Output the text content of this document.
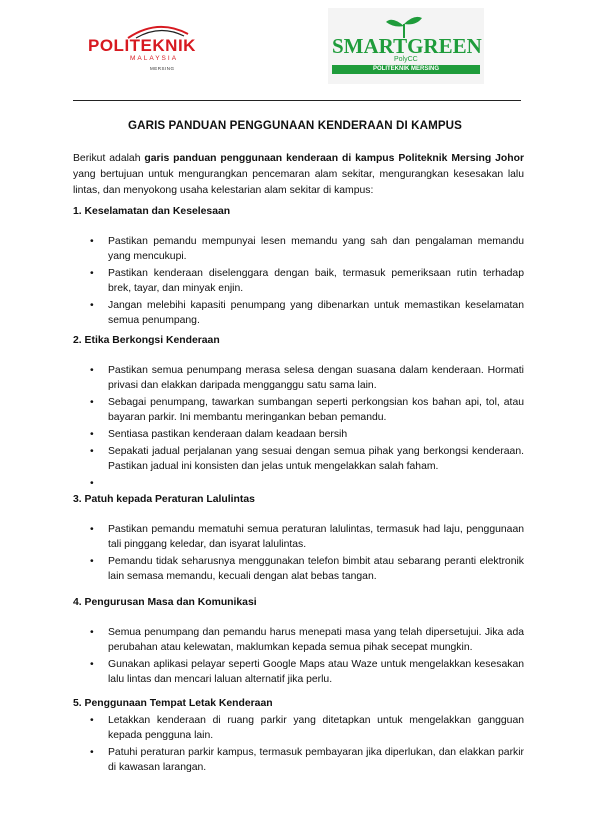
POLITEKNIK
MALAYSIA
MERSING
SMARTGREEN
PolyCC
POLITEKNIK MERSING
GARIS PANDUAN PENGGUNAAN KENDERAAN DI KAMPUS

Berikut adalah garis panduan penggunaan kenderaan di kampus Politeknik Mersing Johor yang bertujuan untuk mengurangkan pencemaran alam sekitar, mengurangkan kesesakan lalu lintas, dan menyokong usaha kelestarian alam sekitar di kampus:

1. Keselamatan dan Keselesaan
• Pastikan pemandu mempunyai lesen memandu yang sah dan pengalaman memandu yang mencukupi.
• Pastikan kenderaan diselenggara dengan baik, termasuk pemeriksaan rutin terhadap brek, tayar, dan minyak enjin.
• Jangan melebihi kapasiti penumpang yang dibenarkan untuk memastikan keselamatan semua penumpang.
2. Etika Berkongsi Kenderaan
• Pastikan semua penumpang merasa selesa dengan suasana dalam kenderaan. Hormati privasi dan elakkan daripada mengganggu satu sama lain.
• Sebagai penumpang, tawarkan sumbangan seperti perkongsian kos bahan api, tol, atau bayaran parkir. Ini membantu meringankan beban pemandu.
• Sentiasa pastikan kenderaan dalam keadaan bersih
• Sepakati jadual perjalanan yang sesuai dengan semua pihak yang berkongsi kenderaan. Pastikan jadual ini konsisten dan jelas untuk mengelakkan salah faham.
•
3. Patuh kepada Peraturan Lalulintas
• Pastikan pemandu mematuhi semua peraturan lalulintas, termasuk had laju, penggunaan tali pinggang keledar, dan isyarat lalulintas.
• Pemandu tidak seharusnya menggunakan telefon bimbit atau sebarang peranti elektronik lain semasa memandu, kecuali dengan alat bebas tangan.
4. Pengurusan Masa dan Komunikasi
• Semua penumpang dan pemandu harus menepati masa yang telah dipersetujui. Jika ada perubahan atau kelewatan, maklumkan kepada semua pihak secepat mungkin.
• Gunakan aplikasi pelayar seperti Google Maps atau Waze untuk mengelakkan kesesakan lalu lintas dan mencari laluan alternatif jika perlu.
5. Penggunaan Tempat Letak Kenderaan
• Letakkan kenderaan di ruang parkir yang ditetapkan untuk mengelakkan gangguan kepada pengguna lain.
• Patuhi peraturan parkir kampus, termasuk pembayaran jika diperlukan, dan elakkan parkir di kawasan larangan.
